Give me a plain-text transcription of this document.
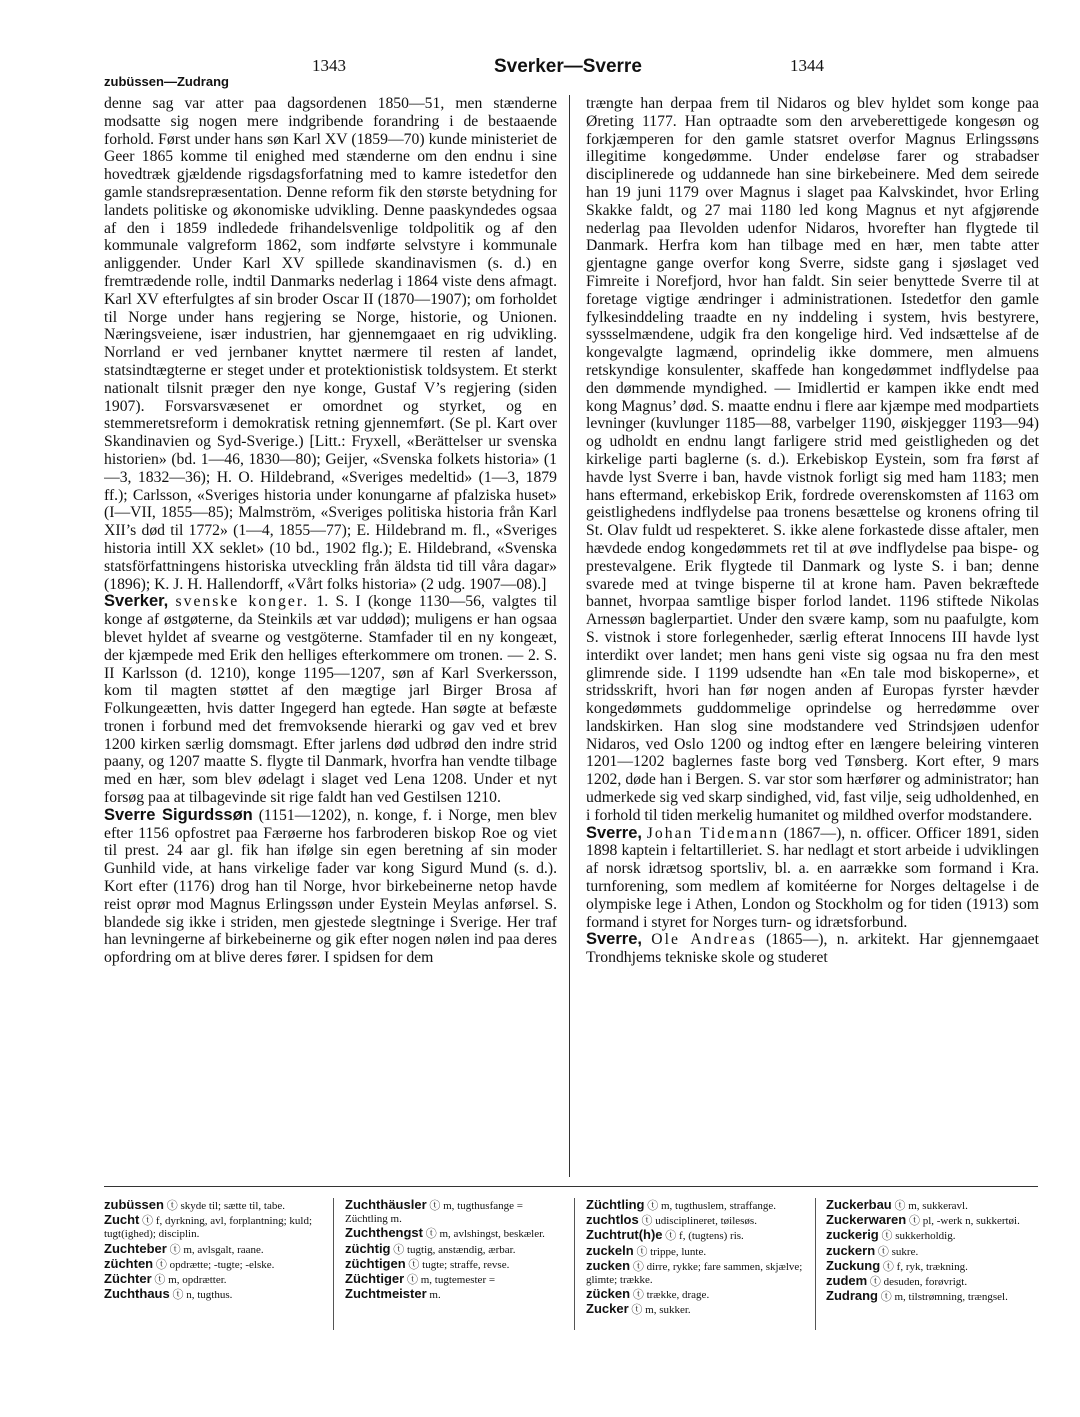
1343	Sverker—Sverre	1344
zubüssen—Zudrang

denne sag var atter paa dagsordenen 1850—51, men stænderne modsatte sig nogen mere indgribende forandring i de bestaaende forhold. Først under hans søn Karl XV (1859—70) kunde ministeriet de Geer 1865 komme til enighed med stænderne om den endnu i sine hovedtræk gjældende rigsdagsforfatning med to kamre istedetfor den gamle standsrepræsentation. Denne reform fik den største betydning for landets politiske og økonomiske udvikling. Denne paaskyndedes ogsaa af den i 1859 indledede frihandelsvenlige toldpolitik og af den kommunale valgreform 1862, som indførte selvstyre i kommunale anliggender. Under Karl XV spillede skandinavismen (s. d.) en fremtrædende rolle, indtil Danmarks nederlag i 1864 viste dens afmagt. Karl XV efterfulgtes af sin broder Oscar II (1870—1907); om forholdet til Norge under hans regjering se Norge, historie, og Unionen. Næringsveiene, især industrien, har gjennemgaaet en rig udvikling. Norrland er ved jernbaner knyttet nærmere til resten af landet, statsindtægterne er steget under et protektionistisk toldsystem. Et sterkt nationalt tilsnit præger den nye konge, Gustaf V’s regjering (siden 1907). Forsvarsvæsenet er omordnet og styrket, og en stemmeretsreform i demokratisk retning gjennemført. (Se pl. Kart over Skandinavien og Syd-Sverige.) [Litt.: Fryxell, «Berättelser ur svenska historien» (bd. 1—46, 1830—80); Geijer, «Svenska folkets historia» (1—3, 1832—36); H. O. Hildebrand, «Sveriges medeltid» (1—3, 1879 ff.); Carlsson, «Sveriges historia under konungarne af pfalziska huset» (I—VII, 1855—85); Malmström, «Sveriges politiska historia från Karl XII’s død til 1772» (1—4, 1855—77); E. Hildebrand m. fl., «Sveriges historia intill XX seklet» (10 bd., 1902 flg.); E. Hildebrand, «Svenska statsförfattningens historiska utveckling från äldsta tid till våra dagar» (1896); K. J. H. Hallendorff, «Vårt folks historia» (2 udg. 1907—08).]

Sverker, svenske konger. 1. S. I (konge 1130—56, valgtes til konge af østgøterne, da Steinkils æt var uddød); muligens er han ogsaa blevet hyldet af svearne og vestgöterne. Stamfader til en ny kongeæt, der kjæmpede med Erik den helliges efterkommere om tronen. — 2. S. II Karlsson (d. 1210), konge 1195—1207, søn af Karl Sverkersson, kom til magten støttet af den mægtige jarl Birger Brosa af Folkungeætten, hvis datter Ingegerd han egtede. Han søgte at befæste tronen i forbund med det fremvoksende hierarki og gav ved et brev 1200 kirken særlig domsmagt. Efter jarlens død udbrød den indre strid paany, og 1207 maatte S. flygte til Danmark, hvorfra han vendte tilbage med en hær, som blev ødelagt i slaget ved Lena 1208. Under et nyt forsøg paa at tilbagevinde sit rige faldt han ved Gestilsen 1210.

Sverre Sigurdssøn (1151—1202), n. konge, f. i Norge, men blev efter 1156 opfostret paa Færøerne hos farbroderen biskop Roe og viet til prest. 24 aar gl. fik han ifølge sin egen beretning af sin moder Gunhild vide, at hans virkelige fader var kong Sigurd Mund (s. d.). Kort efter (1176) drog han til Norge, hvor birkebeinerne netop havde reist oprør mod Magnus Erlingssøn under Eystein Meylas anførsel. S. blandede sig ikke i striden, men gjestede slegtninge i Sverige. Her traf han levningerne af birkebeinerne og gik efter nogen nølen ind paa deres opfordring om at blive deres fører. I spidsen for dem

trængte han derpaa frem til Nidaros og blev hyldet som konge paa Øreting 1177. Han optraadte som den arveberettigede kongesøn og forkjæmperen for den gamle statsret overfor Magnus Erlingssøns illegitime kongedømme. Under endeløse farer og strabadser disciplinerede og uddannede han sine birkebeinere. Med dem seirede han 19 juni 1179 over Magnus i slaget paa Kalvskindet, hvor Erling Skakke faldt, og 27 mai 1180 led kong Magnus et nyt afgjørende nederlag paa Ilevolden udenfor Nidaros, hvorefter han flygtede til Danmark. Herfra kom han tilbage med en hær, men tabte atter gjentagne gange overfor kong Sverre, sidste gang i sjøslaget ved Fimreite i Norefjord, hvor han faldt. Sin seier benyttede Sverre til at foretage vigtige ændringer i administrationen. Istedetfor den gamle fylkesinddeling traadte en ny inddeling i system, hvis bestyrere, syssselmændene, udgik fra den kongelige hird. Ved indsættelse af de kongevalgte lagmænd, oprindelig ikke dommere, men almuens retskyndige konsulenter, skaffede han kongedømmet indflydelse paa den dømmende myndighed. — Imidlertid er kampen ikke endt med kong Magnus’ død. S. maatte endnu i flere aar kjæmpe med modpartiets levninger (kuvlunger 1185—88, varbelger 1190, øiskjegger 1193—94) og udholdt en endnu langt farligere strid med geistligheden og det kirkelige parti baglerne (s. d.). Erkebiskop Eystein, som fra først af havde lyst Sverre i ban, havde vistnok forligt sig med ham 1183; men hans eftermand, erkebiskop Erik, fordrede overenskomsten af 1163 om geistlighedens indflydelse paa tronens besættelse og kronens ofring til St. Olav fuldt ud respekteret. S. ikke alene forkastede disse aftaler, men hævdede endog kongedømmets ret til at øve indflydelse paa bispe- og prestevalgene. Erik flygtede til Danmark og lyste S. i ban; denne svarede med at tvinge bisperne til at krone ham. Paven bekræftede bannet, hvorpaa samtlige bisper forlod landet. 1196 stiftede Nikolas Arnessøn baglerpartiet. Under den svære kamp, som nu paafulgte, kom S. vistnok i store forlegenheder, særlig efterat Innocens III havde lyst interdikt over landet; men hans geni viste sig ogsaa nu fra den mest glimrende side. I 1199 udsendte han «En tale mod biskoperne», et stridsskrift, hvori han før nogen anden af Europas fyrster hævder kongedømmets guddommelige oprindelse og herredømme over landskirken. Han slog sine modstandere ved Strindsjøen udenfor Nidaros, ved Oslo 1200 og indtog efter en længere beleiring vinteren 1201—1202 baglernes faste borg ved Tønsberg. Kort efter, 9 mars 1202, døde han i Bergen. S. var stor som hærfører og administrator; han udmerkede sig ved skarp sindighed, vid, fast vilje, seig udholdenhed, en i forhold til tiden merkelig humanitet og mildhed overfor modstandere.

Sverre, Johan Tidemann (1867—), n. officer. Officer 1891, siden 1898 kaptein i feltartilleriet. S. har nedlagt et stort arbeide i udviklingen af norsk idrætsog sportsliv, bl. a. en aarrække som formand i Kra. turnforening, som medlem af komitéerne for Norges deltagelse i de olympiske lege i Athen, London og Stockholm og for tiden (1913) som formand i styret for Norges turn- og idrætsforbund.

Sverre, Ole Andreas (1865—), n. arkitekt. Har gjennemgaaet Trondhjems tekniske skole og studeret

zubüssen ⓣ skyde til; sætte til, tabe.

Zucht ⓣ f, dyrkning, avl, forplantning; kuld; tugt(ighed); disciplin.

Zuchteber ⓣ m, avlsgalt, raane.

züchten ⓣ opdrætte; -tugte; -elske.

Züchter ⓣ m, opdrætter.

Zuchthaus ⓣ n, tugthus.

Zuchthäusler ⓣ m, tugthusfange = Züchtling m.

Zuchthengst ⓣ m, avlshingst, beskæler.

züchtig ⓣ tugtig, anstændig, ærbar.

züchtigen ⓣ tugte; straffe, revse.

Züchtiger ⓣ m, tugtemester =

Zuchtmeister m.

Züchtling ⓣ m, tugthuslem, straffange.

zuchtlos ⓣ udisciplineret, tøilesøs.

Zuchtrut(h)e ⓣ f, (tugtens) ris.

zuckeln ⓣ trippe, lunte.

zucken ⓣ dirre, rykke; fare sammen, skjælve; glimte; trække.

zücken ⓣ trække, drage.

Zucker ⓣ m, sukker.

Zuckerbau ⓣ m, sukkeravl.

Zuckerwaren ⓣ pl, -werk n, sukkertøi.

zuckerig ⓣ sukkerholdig.

zuckern ⓣ sukre.

Zuckung ⓣ f, ryk, trækning.

zudem ⓣ desuden, forøvrigt.

Zudrang ⓣ m, tilstrømning, trængsel.
